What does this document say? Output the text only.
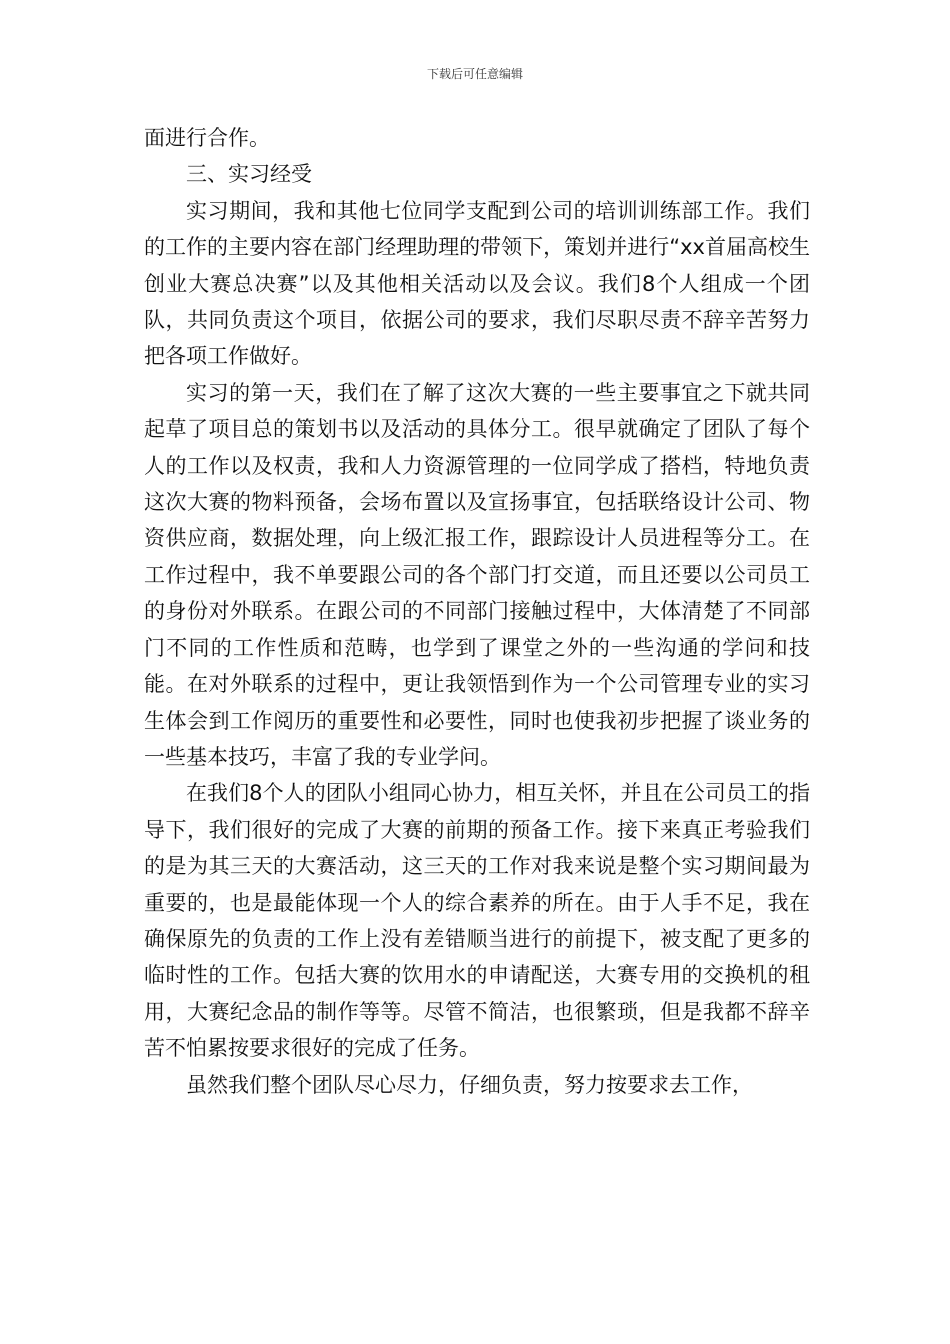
下载后可任意编辑

面进行合作。

三、实习经受

实习期间，我和其他七位同学支配到公司的培训训练部工作。我们的工作的主要内容在部门经理助理的带领下，策划并进行“xx首届高校生创业大赛总决赛”以及其他相关活动以及会议。我们8个人组成一个团队，共同负责这个项目，依据公司的要求，我们尽职尽责不辞辛苦努力把各项工作做好。

实习的第一天，我们在了解了这次大赛的一些主要事宜之下就共同起草了项目总的策划书以及活动的具体分工。很早就确定了团队了每个人的工作以及权责，我和人力资源管理的一位同学成了搭档，特地负责这次大赛的物料预备，会场布置以及宣扬事宜，包括联络设计公司、物资供应商，数据处理，向上级汇报工作，跟踪设计人员进程等分工。在工作过程中，我不单要跟公司的各个部门打交道，而且还要以公司员工的身份对外联系。在跟公司的不同部门接触过程中，大体清楚了不同部门不同的工作性质和范畴，也学到了课堂之外的一些沟通的学问和技能。在对外联系的过程中，更让我领悟到作为一个公司管理专业的实习生体会到工作阅历的重要性和必要性，同时也使我初步把握了谈业务的一些基本技巧，丰富了我的专业学问。

在我们8个人的团队小组同心协力，相互关怀，并且在公司员工的指导下，我们很好的完成了大赛的前期的预备工作。接下来真正考验我们的是为其三天的大赛活动，这三天的工作对我来说是整个实习期间最为重要的，也是最能体现一个人的综合素养的所在。由于人手不足，我在确保原先的负责的工作上没有差错顺当进行的前提下，被支配了更多的临时性的工作。包括大赛的饮用水的申请配送，大赛专用的交换机的租用，大赛纪念品的制作等等。尽管不简洁，也很繁琐，但是我都不辞辛苦不怕累按要求很好的完成了任务。

虽然我们整个团队尽心尽力，仔细负责，努力按要求去工作，
